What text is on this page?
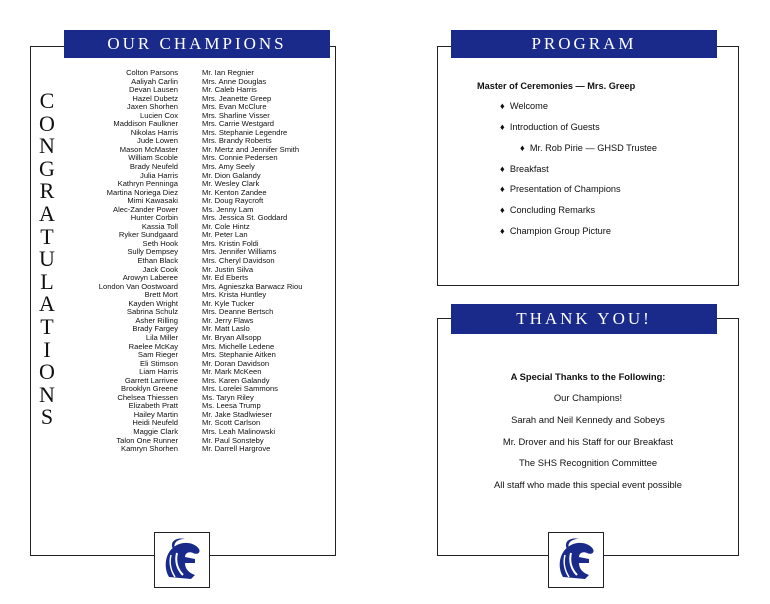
OUR CHAMPIONS
C
O
N
G
R
A
T
U
L
A
T
I
O
N
S
Colton Parsons
Aaliyah Carlin
Devan Lausen
Hazel Dubetz
Jaxen Shorhen
Lucien Cox
Maddison Faulkner
Nikolas Harris
Jude Lowen
Mason McMaster
William Scoble
Brady Neufeld
Julia Harris
Kathryn Penninga
Martina Noriega Diez
Mimi Kawasaki
Alec-Zander Power
Hunter Corbin
Kassia Toll
Ryker Sundgaard
Seth Hook
Sully Dempsey
Ethan Black
Jack Cook
Arowyn Laberee
London Van Oostwoard
Brett Mort
Kayden Wright
Sabrina Schulz
Asher Rilling
Brady Fargey
Lila Miller
Raelee McKay
Sam Rieger
Eli Stimson
Liam Harris
Garrett Larrivee
Brooklyn Greene
Chelsea Thiessen
Elizabeth Pratt
Hailey Martin
Heidi Neufeld
Maggie Clark
Talon One Runner
Kamryn Shorhen
Mr. Ian Regnier
Mrs. Anne Douglas
Mr. Caleb Harris
Mrs. Jeanette Greep
Mrs. Evan McClure
Mrs. Sharline Visser
Mrs. Carrie Westgard
Mrs. Stephanie Legendre
Mrs. Brandy Roberts
Mr. Mertz and Jennifer Smith
Mrs. Connie Pedersen
Mrs. Amy Seely
Mr. Dion Galandy
Mr. Wesley Clark
Mr. Kenton Zandee
Mr. Doug Raycroft
Ms. Jenny Lam
Mrs. Jessica St. Goddard
Mr. Cole Hintz
Mr. Peter Lan
Mrs. Kristin Foldi
Mrs. Jennifer Williams
Mrs. Cheryl Davidson
Mr. Justin Silva
Mr. Ed Eberts
Mrs. Agnieszka Barwacz Riou
Mrs. Krista Huntley
Mr. Kyle Tucker
Mrs. Deanne Bertsch
Mr. Jerry Flaws
Mr. Matt Laslo
Mr. Bryan Allsopp
Mrs. Michelle Ledene
Mrs. Stephanie Aitken
Mr. Doran Davidson
Mr. Mark McKeen
Mrs. Karen Galandy
Mrs. Lorelei Sammons
Ms. Taryn Riley
Ms. Leesa Trump
Mr. Jake Stadlwieser
Mr. Scott Carlson
Mrs. Leah Malinowski
Mr. Paul Sonsteby
Mr. Darrell Hargrove
PROGRAM
Master of Ceremonies — Mrs. Greep
♦ Welcome
♦ Introduction of Guests
♦ Mr. Rob Pirie — GHSD Trustee
♦ Breakfast
♦ Presentation of Champions
♦ Concluding Remarks
♦ Champion Group Picture
A Special Thanks to the Following:
Our Champions!
Sarah and Neil Kennedy and Sobeys
Mr. Drover and his Staff for our Breakfast
The SHS Recognition Committee
All staff who made this special event possible
THANK YOU!
